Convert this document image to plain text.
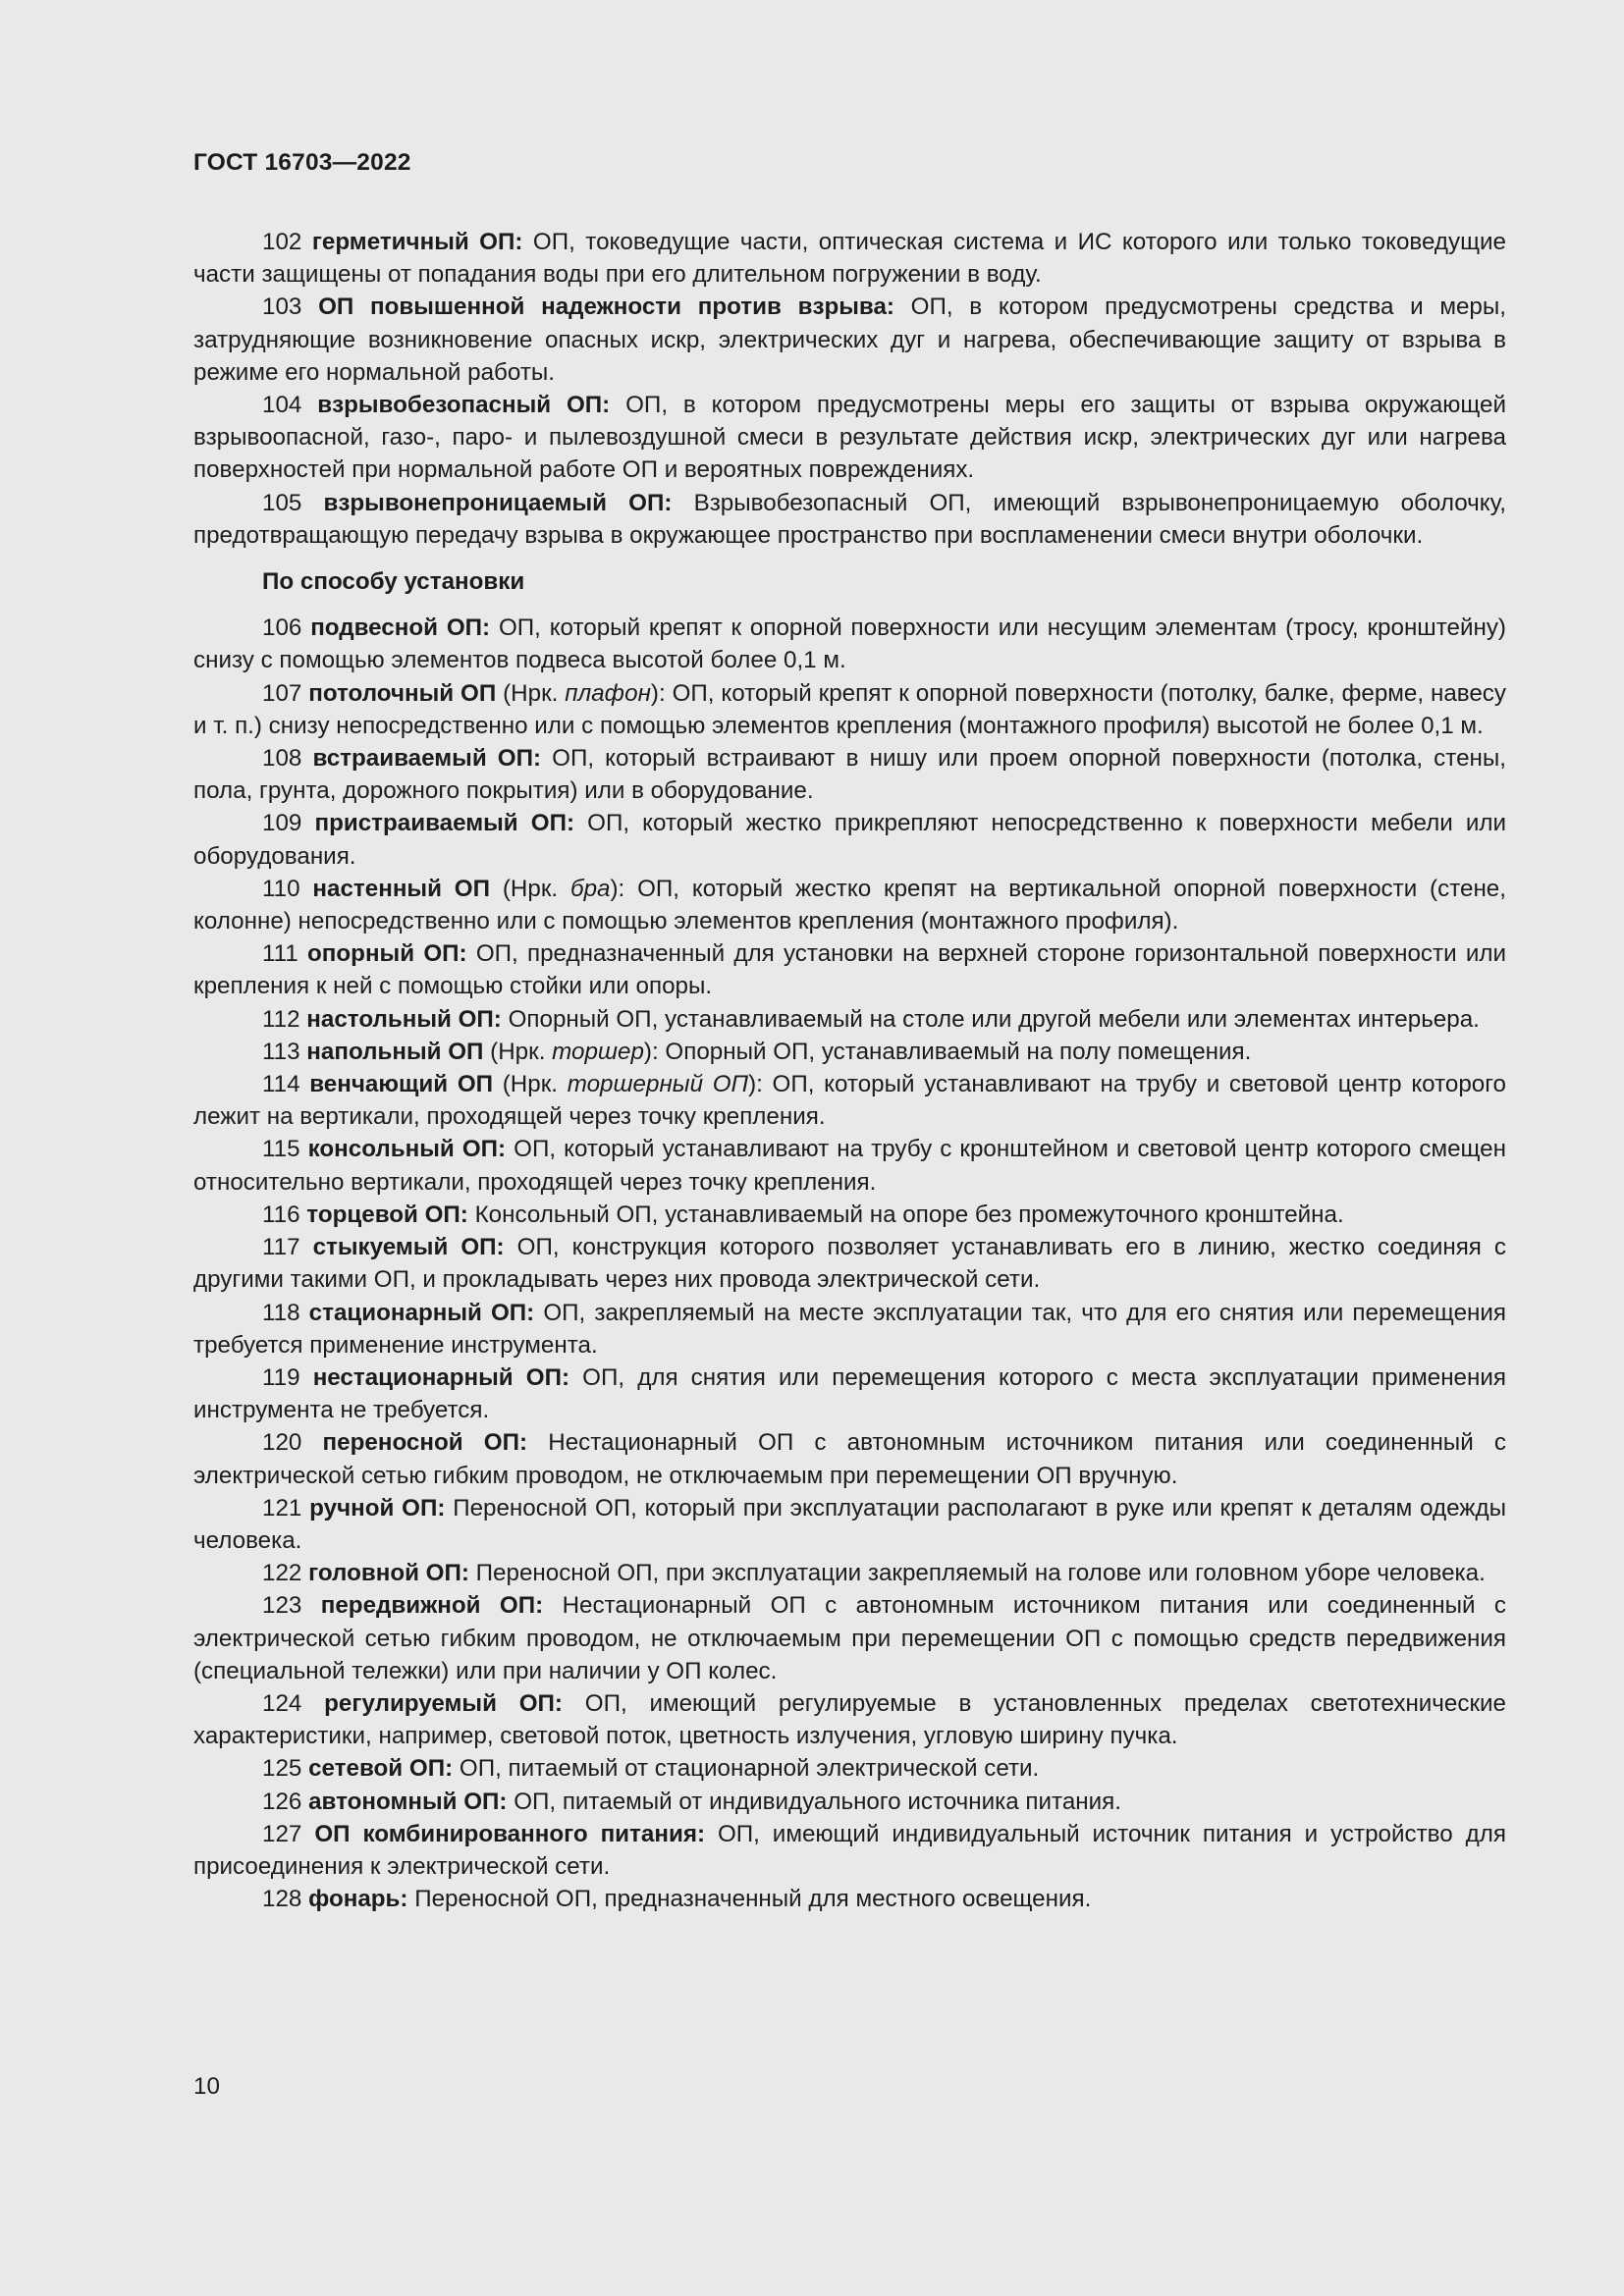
ГОСТ 16703—2022

102 герметичный ОП: ОП, токоведущие части, оптическая система и ИС которого или только токоведущие части защищены от попадания воды при его длительном погружении в воду.

103 ОП повышенной надежности против взрыва: ОП, в котором предусмотрены средства и меры, затрудняющие возникновение опасных искр, электрических дуг и нагрева, обеспечивающие защиту от взрыва в режиме его нормальной работы.

104 взрывобезопасный ОП: ОП, в котором предусмотрены меры его защиты от взрыва окружающей взрывоопасной, газо-, паро- и пылевоздушной смеси в результате действия искр, электрических дуг или нагрева поверхностей при нормальной работе ОП и вероятных повреждениях.

105 взрывонепроницаемый ОП: Взрывобезопасный ОП, имеющий взрывонепроницаемую оболочку, предотвращающую передачу взрыва в окружающее пространство при воспламенении смеси внутри оболочки.

По способу установки

106 подвесной ОП: ОП, который крепят к опорной поверхности или несущим элементам (тросу, кронштейну) снизу с помощью элементов подвеса высотой более 0,1 м.

107 потолочный ОП (Нрк. плафон): ОП, который крепят к опорной поверхности (потолку, балке, ферме, навесу и т. п.) снизу непосредственно или с помощью элементов крепления (монтажного профиля) высотой не более 0,1 м.

108 встраиваемый ОП: ОП, который встраивают в нишу или проем опорной поверхности (потолка, стены, пола, грунта, дорожного покрытия) или в оборудование.

109 пристраиваемый ОП: ОП, который жестко прикрепляют непосредственно к поверхности мебели или оборудования.

110 настенный ОП (Нрк. бра): ОП, который жестко крепят на вертикальной опорной поверхности (стене, колонне) непосредственно или с помощью элементов крепления (монтажного профиля).

111 опорный ОП: ОП, предназначенный для установки на верхней стороне горизонтальной поверхности или крепления к ней с помощью стойки или опоры.

112 настольный ОП: Опорный ОП, устанавливаемый на столе или другой мебели или элементах интерьера.

113 напольный ОП (Нрк. торшер): Опорный ОП, устанавливаемый на полу помещения.

114 венчающий ОП (Нрк. торшерный ОП): ОП, который устанавливают на трубу и световой центр которого лежит на вертикали, проходящей через точку крепления.

115 консольный ОП: ОП, который устанавливают на трубу с кронштейном и световой центр которого смещен относительно вертикали, проходящей через точку крепления.

116 торцевой ОП: Консольный ОП, устанавливаемый на опоре без промежуточного кронштейна.

117 стыкуемый ОП: ОП, конструкция которого позволяет устанавливать его в линию, жестко соединяя с другими такими ОП, и прокладывать через них провода электрической сети.

118 стационарный ОП: ОП, закрепляемый на месте эксплуатации так, что для его снятия или перемещения требуется применение инструмента.

119 нестационарный ОП: ОП, для снятия или перемещения которого с места эксплуатации применения инструмента не требуется.

120 переносной ОП: Нестационарный ОП с автономным источником питания или соединенный с электрической сетью гибким проводом, не отключаемым при перемещении ОП вручную.

121 ручной ОП: Переносной ОП, который при эксплуатации располагают в руке или крепят к деталям одежды человека.

122 головной ОП: Переносной ОП, при эксплуатации закрепляемый на голове или головном уборе человека.

123 передвижной ОП: Нестационарный ОП с автономным источником питания или соединенный с электрической сетью гибким проводом, не отключаемым при перемещении ОП с помощью средств передвижения (специальной тележки) или при наличии у ОП колес.

124 регулируемый ОП: ОП, имеющий регулируемые в установленных пределах светотехнические характеристики, например, световой поток, цветность излучения, угловую ширину пучка.

125 сетевой ОП: ОП, питаемый от стационарной электрической сети.

126 автономный ОП: ОП, питаемый от индивидуального источника питания.

127 ОП комбинированного питания: ОП, имеющий индивидуальный источник питания и устройство для присоединения к электрической сети.

128 фонарь: Переносной ОП, предназначенный для местного освещения.

10
